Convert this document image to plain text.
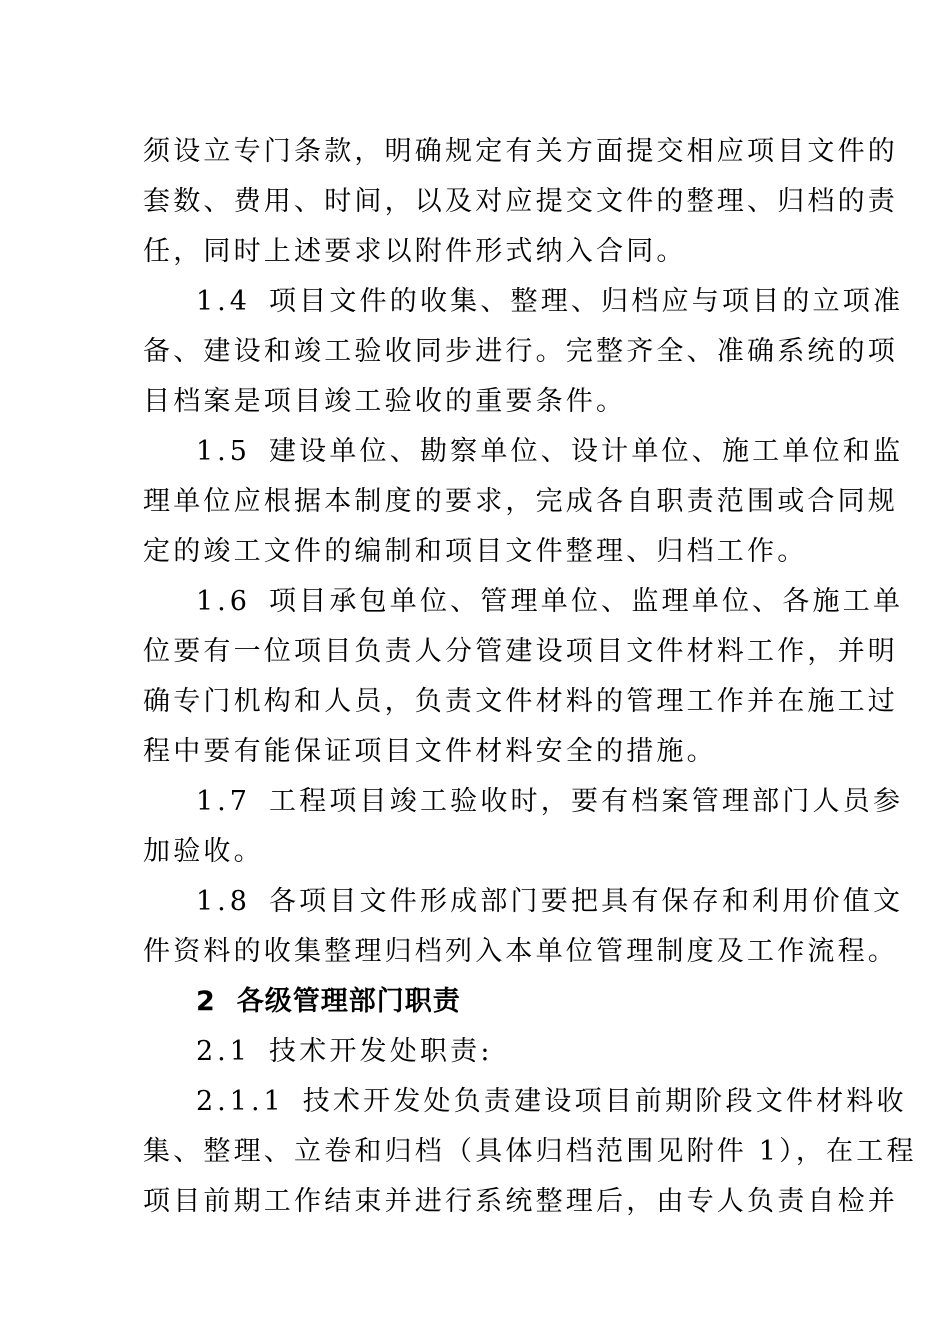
须设立专门条款，明确规定有关方面提交相应项目文件的
套数、费用、时间，以及对应提交文件的整理、归档的责
任，同时上述要求以附件形式纳入合同。
1.4 项目文件的收集、整理、归档应与项目的立项准
备、建设和竣工验收同步进行。完整齐全、准确系统的项
目档案是项目竣工验收的重要条件。
1.5 建设单位、勘察单位、设计单位、施工单位和监
理单位应根据本制度的要求，完成各自职责范围或合同规
定的竣工文件的编制和项目文件整理、归档工作。
1.6 项目承包单位、管理单位、监理单位、各施工单
位要有一位项目负责人分管建设项目文件材料工作，并明
确专门机构和人员，负责文件材料的管理工作并在施工过
程中要有能保证项目文件材料安全的措施。
1.7 工程项目竣工验收时，要有档案管理部门人员参
加验收。
1.8 各项目文件形成部门要把具有保存和利用价值文
件资料的收集整理归档列入本单位管理制度及工作流程。
2 各级管理部门职责
2.1 技术开发处职责:
2.1.1 技术开发处负责建设项目前期阶段文件材料收
集、整理、立卷和归档（具体归档范围见附件 1），在工程
项目前期工作结束并进行系统整理后，由专人负责自检并
